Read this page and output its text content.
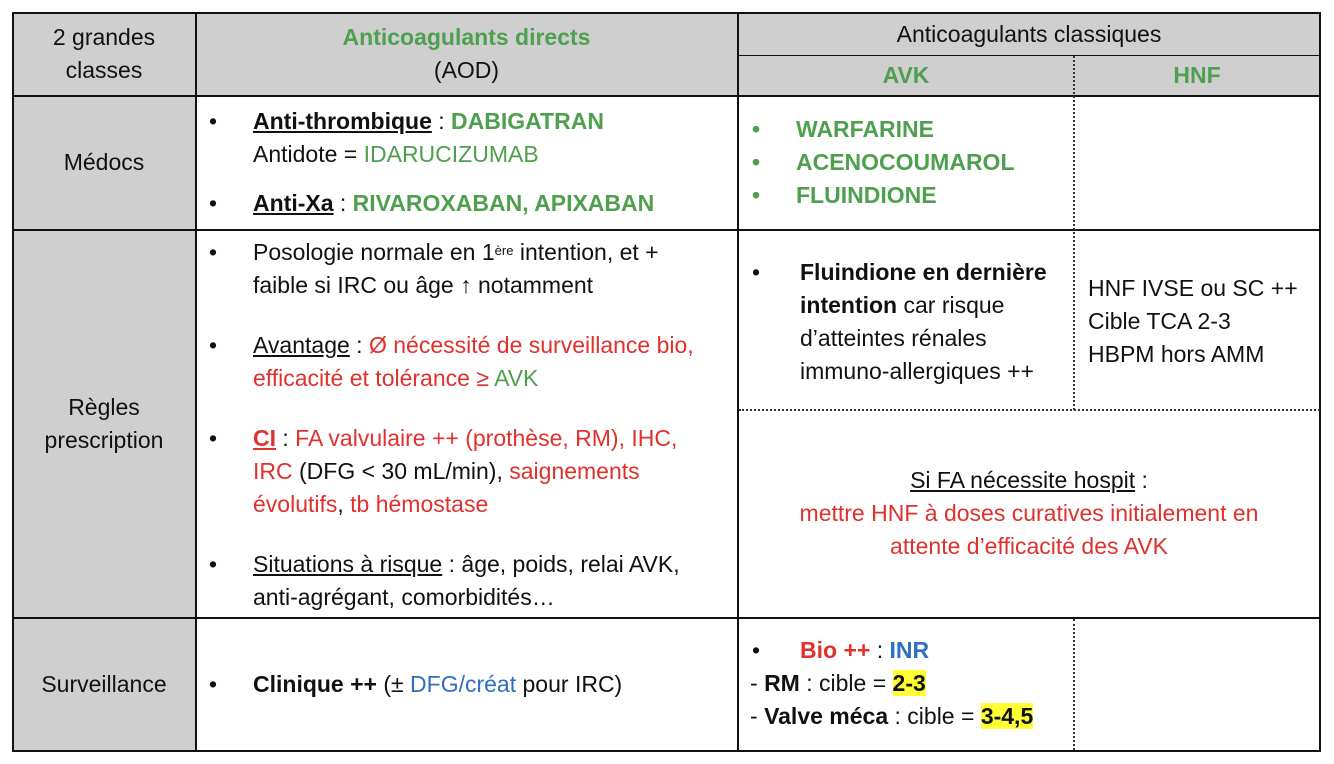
2 grandes classes
Anticoagulants directs
(AOD)
Anticoagulants classiques
AVK	HNF
Médocs
Règles prescription
Surveillance
• Anti-thrombique : DABIGATRAN
Antidote = IDARUCIZUMAB
• Anti-Xa : RIVAROXABAN, APIXABAN
• WARFARINE
• ACENOCOUMAROL
• FLUINDIONE
• Posologie normale en 1ère intention, et +
faible si IRC ou âge ↑ notamment
• Avantage : Ø nécessité de surveillance bio,
efficacité et tolérance ≥ AVK
• CI : FA valvulaire ++ (prothèse, RM), IHC,
IRC (DFG < 30 mL/min), saignements
évolutifs, tb hémostase
• Situations à risque : âge, poids, relai AVK,
anti-agrégant, comorbidités…
• Fluindione en dernière
intention car risque
d’atteintes rénales
immuno-allergiques ++
HNF IVSE ou SC ++
Cible TCA 2-3
HBPM hors AMM
Si FA nécessite hospit :
mettre HNF à doses curatives initialement en
attente d’efficacité des AVK
• Clinique ++ (± DFG/créat pour IRC)
• Bio ++ : INR
- RM : cible = 2-3
- Valve méca : cible = 3-4,5
